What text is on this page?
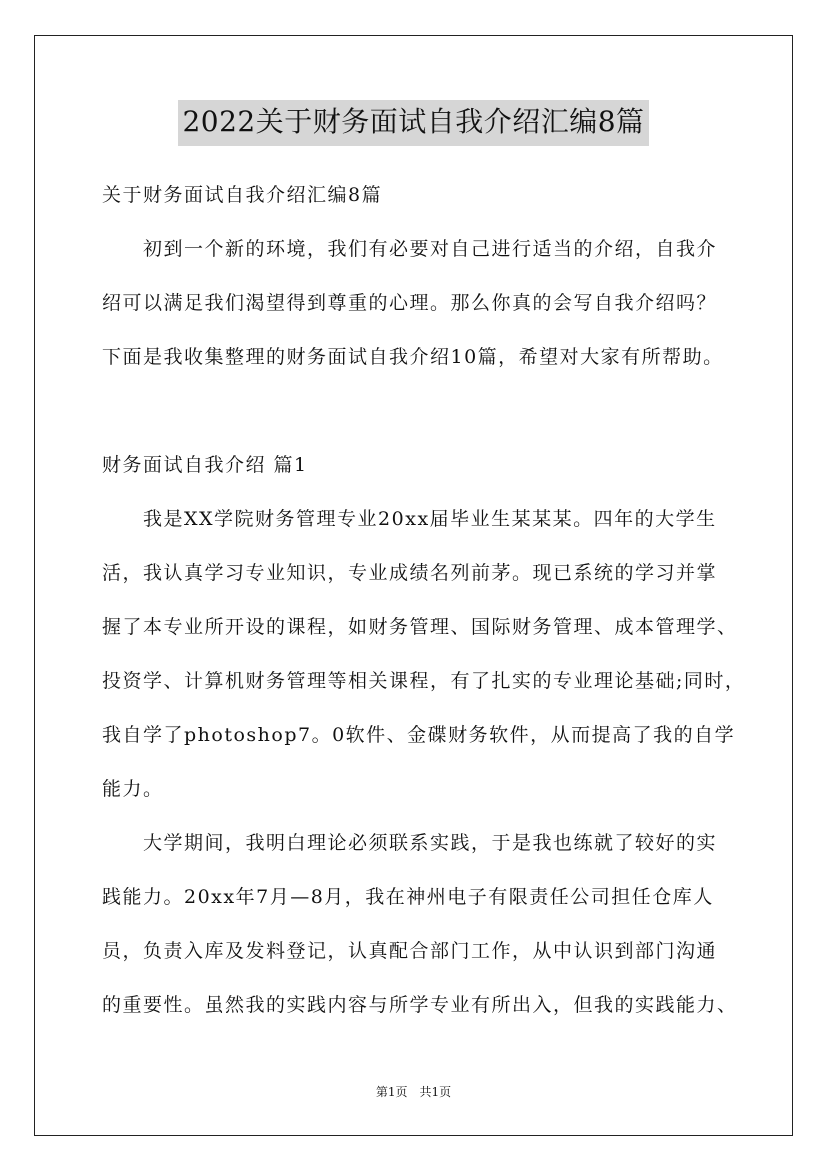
2022关于财务面试自我介绍汇编8篇
关于财务面试自我介绍汇编8篇
初到一个新的环境，我们有必要对自己进行适当的介绍，自我介
绍可以满足我们渴望得到尊重的心理。那么你真的会写自我介绍吗？
下面是我收集整理的财务面试自我介绍10篇，希望对大家有所帮助。
财务面试自我介绍 篇1
我是XX学院财务管理专业20xx届毕业生某某某。四年的大学生
活，我认真学习专业知识，专业成绩名列前茅。现已系统的学习并掌
握了本专业所开设的课程，如财务管理、国际财务管理、成本管理学、
投资学、计算机财务管理等相关课程，有了扎实的专业理论基础;同时，
我自学了photoshop7。0软件、金碟财务软件，从而提高了我的自学
能力。
大学期间，我明白理论必须联系实践，于是我也练就了较好的实
践能力。20xx年7月—8月，我在神州电子有限责任公司担任仓库人
员，负责入库及发料登记，认真配合部门工作，从中认识到部门沟通
的重要性。虽然我的实践内容与所学专业有所出入，但我的实践能力、
第1页　共1页
